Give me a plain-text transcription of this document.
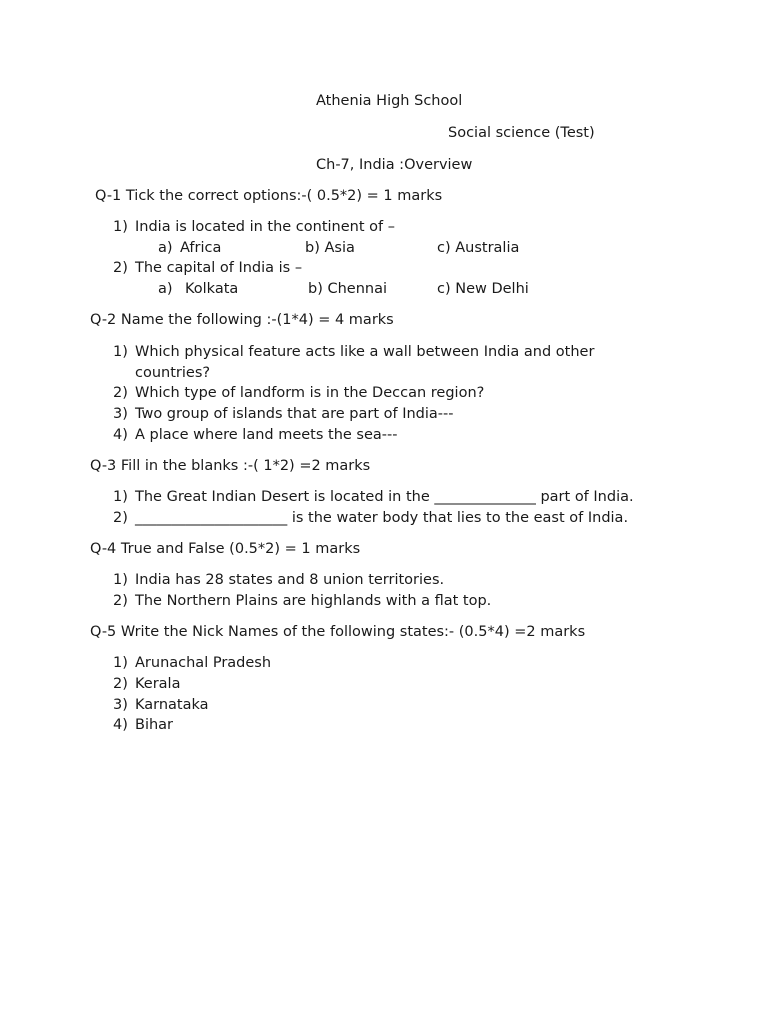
Athenia High School
Social science (Test)
Ch-7, India :Overview
Q-1 Tick the correct options:-( 0.5*2) = 1 marks
1) India is located in the continent of –
a) Africa	b) Asia	c) Australia
2) The capital of India is –
a) Kolkata	b) Chennai	c) New Delhi
Q-2 Name the following :-(1*4) = 4 marks
1) Which physical feature acts like a wall between India and other
countries?
2) Which type of landform is in the Deccan region?
3) Two group of islands that are part of India---
4) A place where land meets the sea---
Q-3 Fill in the blanks :-( 1*2) =2 marks
1) The Great Indian Desert is located in the ______________ part of India.
2) _____________________ is the water body that lies to the east of India.
Q-4 True and False (0.5*2) = 1 marks
1) India has 28 states and 8 union territories.
2) The Northern Plains are highlands with a flat top.
Q-5 Write the Nick Names of the following states:- (0.5*4) =2 marks
1) Arunachal Pradesh
2) Kerala
3) Karnataka
4) Bihar
